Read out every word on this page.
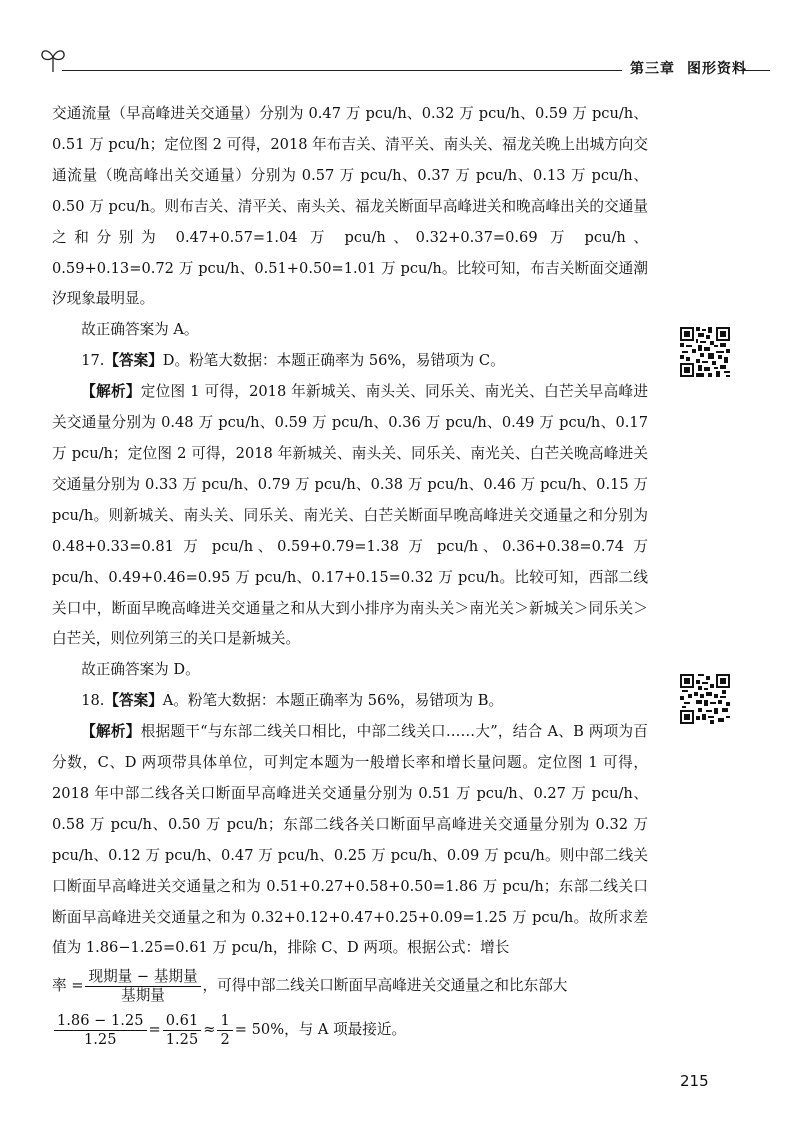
第三章 图形资料

交通流量（早高峰进关交通量）分别为 0.47 万 pcu/h、0.32 万 pcu/h、0.59 万 pcu/h、0.51 万 pcu/h；定位图 2 可得，2018 年布吉关、清平关、南头关、福龙关晚上出城方向交通流量（晚高峰出关交通量）分别为 0.57 万 pcu/h、0.37 万 pcu/h、0.13 万 pcu/h、0.50 万 pcu/h。则布吉关、清平关、南头关、福龙关断面早高峰进关和晚高峰出关的交通量之和分别为 0.47+0.57=1.04 万 pcu/h、0.32+0.37=0.69 万 pcu/h、0.59+0.13=0.72 万 pcu/h、0.51+0.50=1.01 万 pcu/h。比较可知，布吉关断面交通潮汐现象最明显。

故正确答案为 A。

17.【答案】D。粉笔大数据：本题正确率为 56%，易错项为 C。

【解析】定位图 1 可得，2018 年新城关、南头关、同乐关、南光关、白芒关早高峰进关交通量分别为 0.48 万 pcu/h、0.59 万 pcu/h、0.36 万 pcu/h、0.49 万 pcu/h、0.17 万 pcu/h；定位图 2 可得，2018 年新城关、南头关、同乐关、南光关、白芒关晚高峰进关交通量分别为 0.33 万 pcu/h、0.79 万 pcu/h、0.38 万 pcu/h、0.46 万 pcu/h、0.15 万 pcu/h。则新城关、南头关、同乐关、南光关、白芒关断面早晚高峰进关交通量之和分别为 0.48+0.33=0.81 万 pcu/h、0.59+0.79=1.38 万 pcu/h、0.36+0.38=0.74 万 pcu/h、0.49+0.46=0.95 万 pcu/h、0.17+0.15=0.32 万 pcu/h。比较可知，西部二线关口中，断面早晚高峰进关交通量之和从大到小排序为南头关＞南光关＞新城关＞同乐关＞白芒关，则位列第三的关口是新城关。

故正确答案为 D。

18.【答案】A。粉笔大数据：本题正确率为 56%，易错项为 B。

【解析】根据题干“与东部二线关口相比，中部二线关口……大”，结合 A、B 两项为百分数，C、D 两项带具体单位，可判定本题为一般增长率和增长量问题。定位图 1 可得，2018 年中部二线各关口断面早高峰进关交通量分别为 0.51 万 pcu/h、0.27 万 pcu/h、0.58 万 pcu/h、0.50 万 pcu/h；东部二线各关口断面早高峰进关交通量分别为 0.32 万 pcu/h、0.12 万 pcu/h、0.47 万 pcu/h、0.25 万 pcu/h、0.09 万 pcu/h。则中部二线关口断面早高峰进关交通量之和为 0.51+0.27+0.58+0.50=1.86 万 pcu/h；东部二线关口断面早高峰进关交通量之和为 0.32+0.12+0.47+0.25+0.09=1.25 万 pcu/h。故所求差值为 1.86−1.25=0.61 万 pcu/h，排除 C、D 两项。根据公式：增长

率 = $\frac{\text{现期量 − 基期量}}{\text{基期量}}$ ，可得中部二线关口断面早高峰进关交通量之和比东部大

$\frac{1.86 - 1.25}{1.25} = \frac{0.61}{1.25} \approx \frac{1}{2} = 50\%$，与 A 项最接近。

215
